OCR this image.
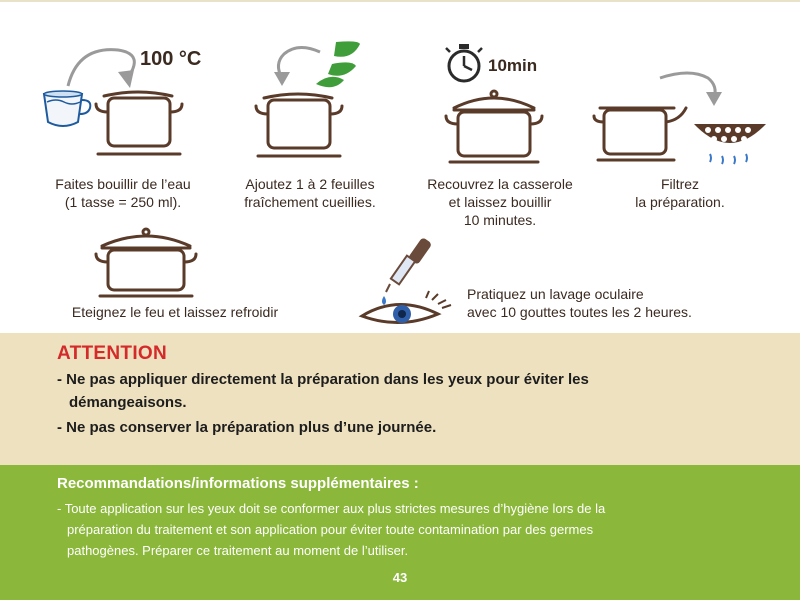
100 °C
Faites bouillir de l’eau
(1 tasse = 250 ml).
Ajoutez 1 à 2 feuilles
fraîchement cueillies.
10min
Recouvrez la casserole
et laissez bouillir
10 minutes.
Filtrez
la préparation.
Eteignez le feu et laissez refroidir
Pratiquez un lavage oculaire
avec 10 gouttes toutes les 2 heures.
ATTENTION
- Ne pas appliquer directement la préparation dans les yeux pour éviter les
démangeaisons.
- Ne pas conserver la préparation plus d’une journée.
Recommandations/informations supplémentaires :
- Toute application sur les yeux doit se conformer aux plus strictes mesures d’hygiène lors de la
préparation du traitement et son application pour éviter toute contamination par des germes
pathogènes. Préparer ce traitement au moment de l’utiliser.
43
